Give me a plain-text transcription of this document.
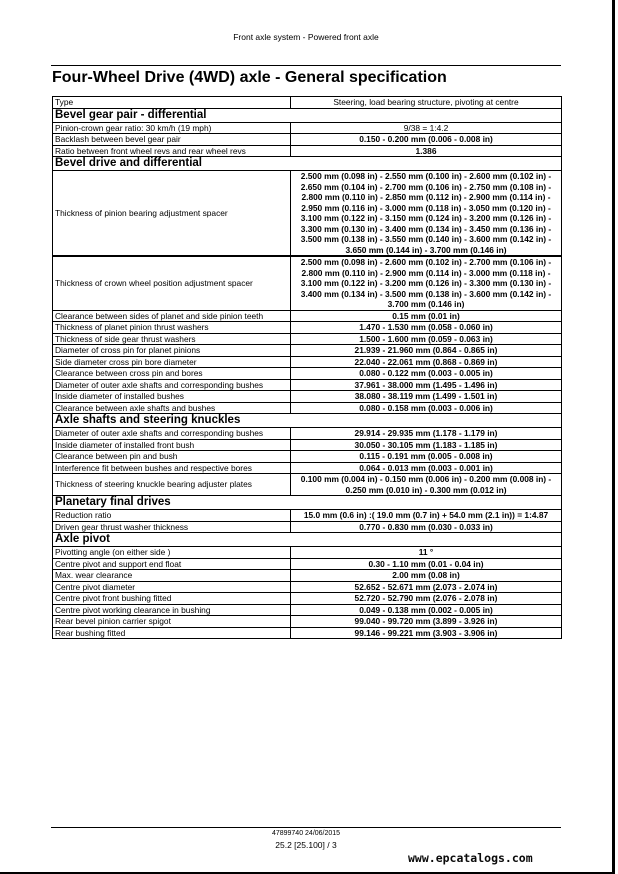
Front axle system - Powered front axle
Four-Wheel Drive (4WD) axle - General specification
Type	Steering, load bearing structure, pivoting at centre
Bevel gear pair - differential	
Pinion-crown gear ratio: 30 km/h (19 mph)	9/38 = 1:4.2
Backlash between bevel gear pair	0.150 - 0.200 mm (0.006 - 0.008 in)
Ratio between front wheel revs and rear wheel revs	1.386
Bevel drive and differential	
Thickness of pinion bearing adjustment spacer	2.500 mm (0.098 in) - 2.550 mm (0.100 in) - 2.600 mm (0.102 in) - 2.650 mm (0.104 in) - 2.700 mm (0.106 in) - 2.750 mm (0.108 in) - 2.800 mm (0.110 in) - 2.850 mm (0.112 in) - 2.900 mm (0.114 in) - 2.950 mm (0.116 in) - 3.000 mm (0.118 in) - 3.050 mm (0.120 in) - 3.100 mm (0.122 in) - 3.150 mm (0.124 in) - 3.200 mm (0.126 in) - 3.300 mm (0.130 in) - 3.400 mm (0.134 in) - 3.450 mm (0.136 in) - 3.500 mm (0.138 in) - 3.550 mm (0.140 in) - 3.600 mm (0.142 in) - 3.650 mm (0.144 in) - 3.700 mm (0.146 in)

Thickness of crown wheel position adjustment spacer	2.500 mm (0.098 in) - 2.600 mm (0.102 in) - 2.700 mm (0.106 in) - 2.800 mm (0.110 in) - 2.900 mm (0.114 in) - 3.000 mm (0.118 in) - 3.100 mm (0.122 in) - 3.200 mm (0.126 in) - 3.300 mm (0.130 in) - 3.400 mm (0.134 in) - 3.500 mm (0.138 in) - 3.600 mm (0.142 in) - 3.700 mm (0.146 in)
Clearance between sides of planet and side pinion teeth	0.15 mm (0.01 in)
Thickness of planet pinion thrust washers	1.470 - 1.530 mm (0.058 - 0.060 in)
Thickness of side gear thrust washers	1.500 - 1.600 mm (0.059 - 0.063 in)
Diameter of cross pin for planet pinions	21.939 - 21.960 mm (0.864 - 0.865 in)
Side diameter cross pin bore diameter	22.040 - 22.061 mm (0.868 - 0.869 in)
Clearance between cross pin and bores	0.080 - 0.122 mm (0.003 - 0.005 in)
Diameter of outer axle shafts and corresponding bushes	37.961 - 38.000 mm (1.495 - 1.496 in)
Inside diameter of installed bushes	38.080 - 38.119 mm (1.499 - 1.501 in)
Clearance between axle shafts and bushes	0.080 - 0.158 mm (0.003 - 0.006 in)
Axle shafts and steering knuckles	
Diameter of outer axle shafts and corresponding bushes	29.914 - 29.935 mm (1.178 - 1.179 in)
Inside diameter of installed front bush	30.050 - 30.105 mm (1.183 - 1.185 in)
Clearance between pin and bush	0.115 - 0.191 mm (0.005 - 0.008 in)
Interference fit between bushes and respective bores	0.064 - 0.013 mm (0.003 - 0.001 in)
Thickness of steering knuckle bearing adjuster plates	0.100 mm (0.004 in) - 0.150 mm (0.006 in) - 0.200 mm (0.008 in) - 0.250 mm (0.010 in) - 0.300 mm (0.012 in)
Planetary final drives	
Reduction ratio	15.0 mm (0.6 in) :( 19.0 mm (0.7 in) + 54.0 mm (2.1 in)) = 1:4.87
Driven gear thrust washer thickness	0.770 - 0.830 mm (0.030 - 0.033 in)
Axle pivot	
Pivotting angle (on either side )	11 °
Centre pivot and support end float	0.30 - 1.10 mm (0.01 - 0.04 in)
Max. wear clearance	2.00 mm (0.08 in)
Centre pivot diameter	52.652 - 52.671 mm (2.073 - 2.074 in)
Centre pivot front bushing fitted	52.720 - 52.790 mm (2.076 - 2.078 in)
Centre pivot working clearance in bushing	0.049 - 0.138 mm (0.002 - 0.005 in)
Rear bevel pinion carrier spigot	99.040 - 99.720 mm (3.899 - 3.926 in)
Rear bushing fitted	99.146 - 99.221 mm (3.903 - 3.906 in)
47899740 24/06/2015
25.2 [25.100] / 3
www.epcatalogs.com
